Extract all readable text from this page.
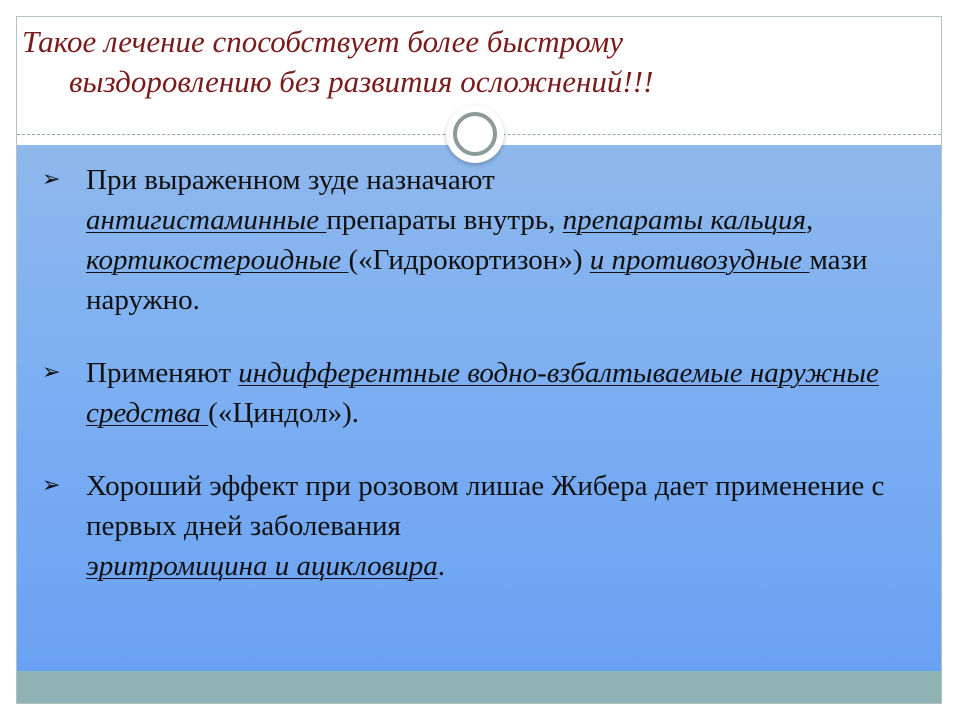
Такое лечение способствует более быстрому
выздоровлению без развития осложнений!!!
➢ При выраженном зуде назначают
антигистаминные препараты внутрь, препараты кальция, кортикостероидные («Гидрокортизон») и противозудные мази наружно.
➢ Применяют индифферентные водно-взбалтываемые наружные средства («Циндол»).
➢ Хороший эффект при розовом лишае Жибера дает применение с первых дней заболевания
эритромицина и ацикловира.
